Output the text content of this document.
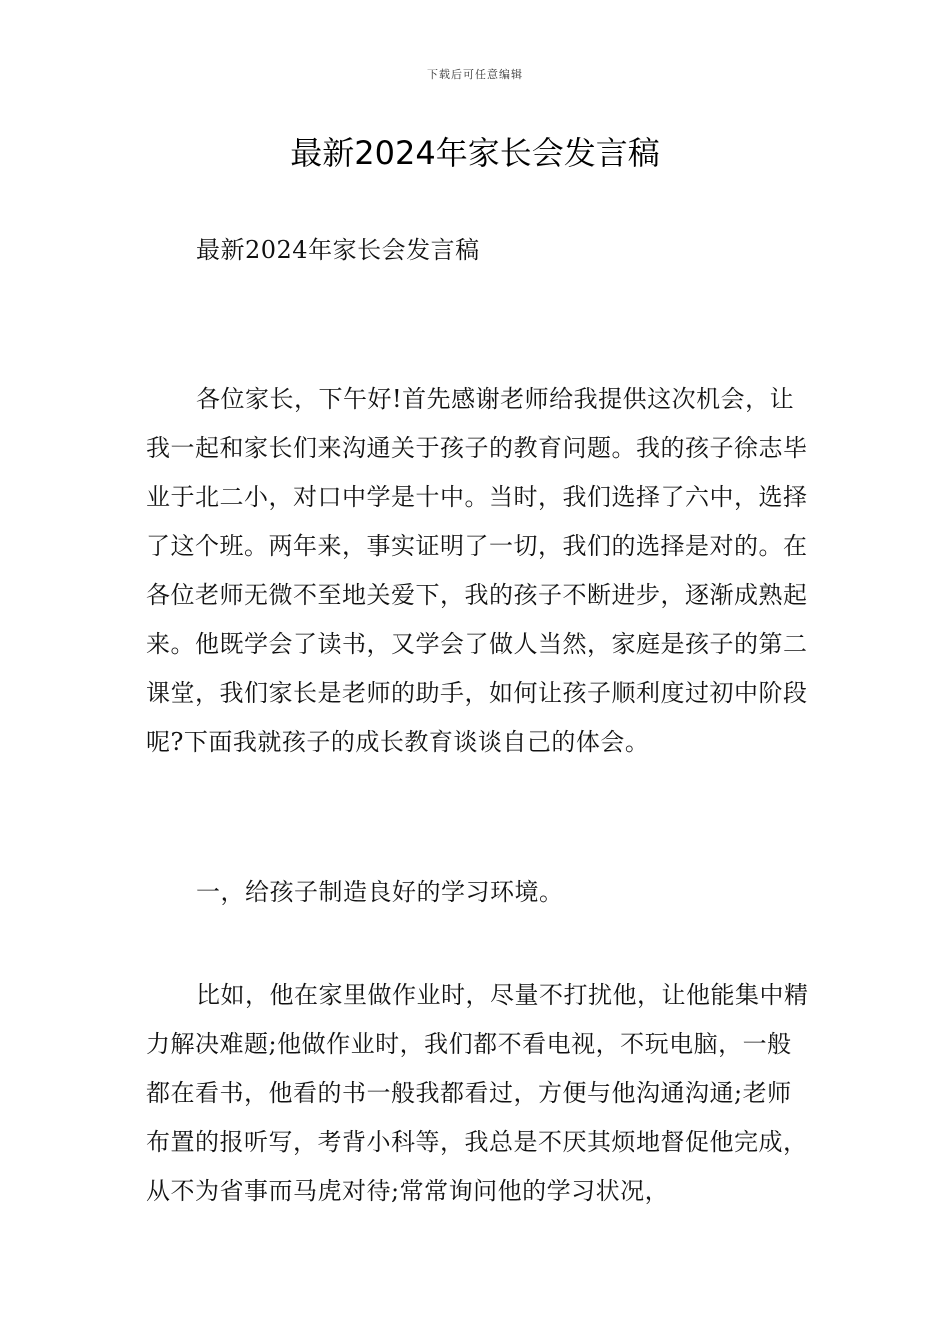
下载后可任意编辑
最新2024年家长会发言稿

最新2024年家长会发言稿

各位家长，下午好!首先感谢老师给我提供这次机会，让我一起和家长们来沟通关于孩子的教育问题。我的孩子徐志毕业于北二小，对口中学是十中。当时，我们选择了六中，选择了这个班。两年来，事实证明了一切，我们的选择是对的。在各位老师无微不至地关爱下，我的孩子不断进步，逐渐成熟起来。他既学会了读书，又学会了做人当然，家庭是孩子的第二课堂，我们家长是老师的助手，如何让孩子顺利度过初中阶段呢?下面我就孩子的成长教育谈谈自己的体会。

一，给孩子制造良好的学习环境。

比如，他在家里做作业时，尽量不打扰他，让他能集中精力解决难题;他做作业时，我们都不看电视，不玩电脑，一般都在看书，他看的书一般我都看过，方便与他沟通沟通;老师布置的报听写，考背小科等，我总是不厌其烦地督促他完成，从不为省事而马虎对待;常常询问他的学习状况，
